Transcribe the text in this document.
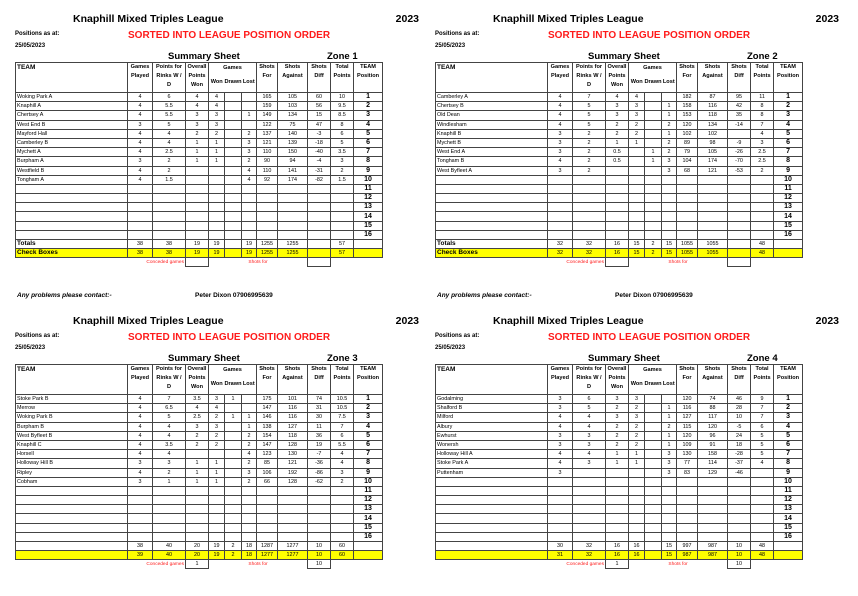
Knaphill Mixed Triples League	2023
Positions as at:
25/05/2023
SORTED INTO LEAGUE POSITION ORDER
Summary Sheet	Zone 1
TEAM	Games Played	Points for Rinks W / D	Overall Points Won	Games
Won Drawn Lost			Shots For	Shots Against	Shots Diff	Total Points	TEAM Position
Woking Park A	4	6	4	4			165	105	60	10	1
Knaphill A	4	5.5	4	4			159	103	56	9.5	2
Chertsey A	4	5.5	3	3		1	149	134	15	8.5	3
West End B	3	5	3	3			122	75	47	8	4
Mayford Hall	4	4	2	2		2	137	140	-3	6	5
Camberley B	4	4	1	1		3	121	139	-18	5	6
Mychett A	4	2.5	1	1		3	110	150	-40	3.5	7
Burpham A	3	2	1	1		2	90	94	-4	3	8
Westfield B	4	2				4	110	141	-31	2	9
Tongham A	4	1.5				4	92	174	-82	1.5	10
											11
											12
											13
											14
											15
											16
Totals	38	38	19	19		19	1255	1255		57	
Check Boxes	38	38	19	19		19	1255	1255		57	
Conceded games				Shots for							
Any problems please contact:-	Peter Dixon 07906995639
Knaphill Mixed Triples League	2023
Positions as at:
25/05/2023
SORTED INTO LEAGUE POSITION ORDER
Summary Sheet	Zone 2
TEAM	Games Played	Points for Rinks W / D	Overall Points Won	Games
Won Drawn Lost			Shots For	Shots Against	Shots Diff	Total Points	TEAM Position
Camberley A	4	7	4	4			182	87	95	11	1
Chertsey B	4	5	3	3		1	158	116	42	8	2
Old Dean	4	5	3	3		1	153	118	35	8	3
Windlesham	4	5	2	2		2	120	134	-14	7	4
Knaphill B	3	2	2	2		1	102	102		4	5
Mychett B	3	2	1	1		2	89	98	-9	3	6
West End A	3	2	0.5		1	2	79	105	-26	2.5	7
Tongham B	4	2	0.5		1	3	104	174	-70	2.5	8
West Byfleet A	3	2				3	68	121	-53	2	9
											10
											11
											12
											13
											14
											15
											16
Totals	32	32	16	15	2	15	1055	1055		48	
Check Boxes	32	32	16	15	2	15	1055	1055		48	
Conceded games				Shots for							
Any problems please contact:-	Peter Dixon 07906995639
Knaphill Mixed Triples League	2023
Positions as at:
25/05/2023
SORTED INTO LEAGUE POSITION ORDER
Summary Sheet	Zone 3
TEAM	Games Played	Points for Rinks W / D	Overall Points Won	Games
Won Drawn Lost			Shots For	Shots Against	Shots Diff	Total Points	TEAM Position
Stoke Park B	4	7	3.5	3	1		175	101	74	10.5	1
Merrow	4	6.5	4	4			147	116	31	10.5	2
Woking Park B	4	5	2.5	2	1	1	146	116	30	7.5	3
Burpham B	4	4	3	3		1	138	127	11	7	4
West Byfleet B	4	4	2	2		2	154	118	36	6	5
Knaphill C	4	3.5	2	2		2	147	128	19	5.5	6
Horsell	4	4				4	123	130	-7	4	7
Holloway Hill B	3	3	1	1		2	85	121	-36	4	8
Ripley	4	2	1	1		3	106	192	-86	3	9
Cobham	3	1	1	1		2	66	128	-62	2	10
											11
											12
											13
											14
											15
											16
	38	40	20	19	2	18	1287	1277	10	60	
	39	40	20	19	2	18	1277	1277	10	60	
Conceded games			1	Shots for					10		
Knaphill Mixed Triples League	2023
Positions as at:
25/05/2023
SORTED INTO LEAGUE POSITION ORDER
Summary Sheet	Zone 4
TEAM	Games Played	Points for Rinks W / D	Overall Points Won	Games
Won Drawn Lost			Shots For	Shots Against	Shots Diff	Total Points	TEAM Position
Godalming	3	6	3	3			120	74	46	9	1
Shalford B	3	5	2	2		1	116	88	28	7	2
Milford	4	4	3	3		1	127	117	10	7	3
Albury	4	4	2	2		2	115	120	-5	6	4
Ewhurst	3	3	2	2		1	120	96	24	5	5
Wonersh	3	3	2	2		1	109	91	18	5	6
Holloway Hill A	4	4	1	1		3	130	158	-28	5	7
Stoke Park A	4	3	1	1		3	77	114	-37	4	8
Puttenham	3					3	83	129	-46		9
											10
											11
											12
											13
											14
											15
											16
	30	32	16	16		15	997	987	10	48	
	31	32	16	16		15	987	987	10	48	
Conceded games			1	Shots for					10		
